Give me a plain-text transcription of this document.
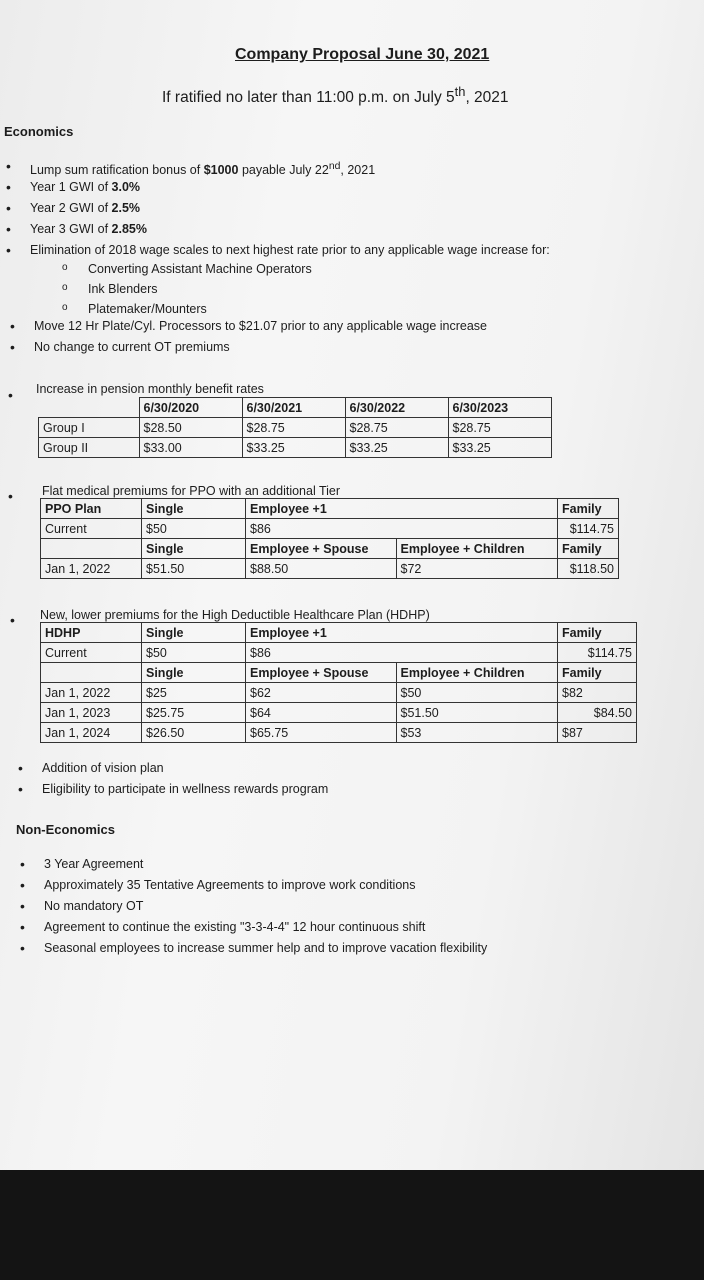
Company Proposal June 30, 2021
If ratified no later than 11:00 p.m. on July 5th, 2021
Economics
• Lump sum ratification bonus of $1000 payable July 22nd, 2021
• Year 1 GWI of 3.0%
• Year 2 GWI of 2.5%
• Year 3 GWI of 2.85%
• Elimination of 2018 wage scales to next highest rate prior to any applicable wage increase for:
o Converting Assistant Machine Operators
o Ink Blenders
o Platemaker/Mounters
• Move 12 Hr Plate/Cyl. Processors to $21.07 prior to any applicable wage increase
• No change to current OT premiums
• Increase in pension monthly benefit rates
	6/30/2020	6/30/2021	6/30/2022	6/30/2023
Group I	$28.50	$28.75	$28.75	$28.75
Group II	$33.00	$33.25	$33.25	$33.25
• Flat medical premiums for PPO with an additional Tier
PPO Plan	Single	Employee +1		Family
Current	$50	$86		$114.75
	Single	Employee + Spouse	Employee + Children	Family
Jan 1, 2022	$51.50	$88.50	$72	$118.50
• New, lower premiums for the High Deductible Healthcare Plan (HDHP)
HDHP	Single	Employee +1		Family
Current	$50	$86		$114.75
	Single	Employee + Spouse	Employee + Children	Family
Jan 1, 2022	$25	$62	$50	$82
Jan 1, 2023	$25.75	$64	$51.50	$84.50
Jan 1, 2024	$26.50	$65.75	$53	$87
• Addition of vision plan
• Eligibility to participate in wellness rewards program
Non-Economics
• 3 Year Agreement
• Approximately 35 Tentative Agreements to improve work conditions
• No mandatory OT
• Agreement to continue the existing "3-3-4-4" 12 hour continuous shift
• Seasonal employees to increase summer help and to improve vacation flexibility
